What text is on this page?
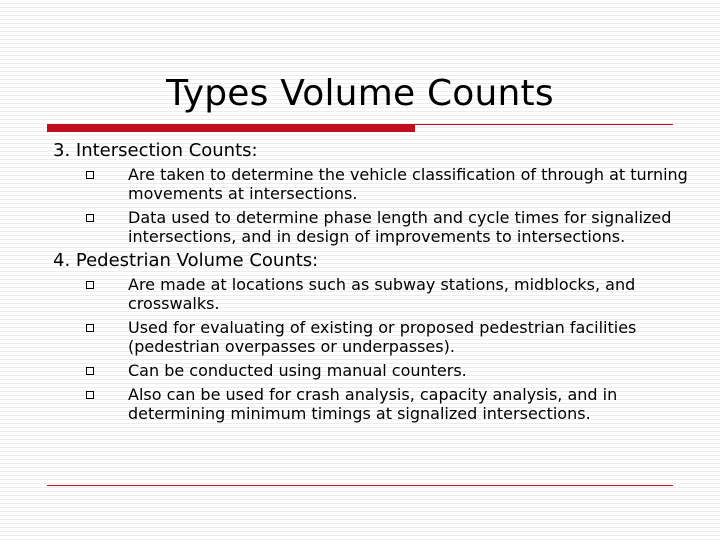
Types Volume Counts

3. Intersection Counts:

Are taken to determine the vehicle classification of through at turning movements at intersections.
Data used to determine phase length and cycle times for signalized intersections, and in design of improvements to intersections.

4. Pedestrian Volume Counts:

Are made at locations such as subway stations, midblocks, and crosswalks.
Used for evaluating of existing or proposed pedestrian facilities (pedestrian overpasses or underpasses).
Can be conducted using manual counters.
Also can be used for crash analysis, capacity analysis, and in determining minimum timings at signalized intersections.
